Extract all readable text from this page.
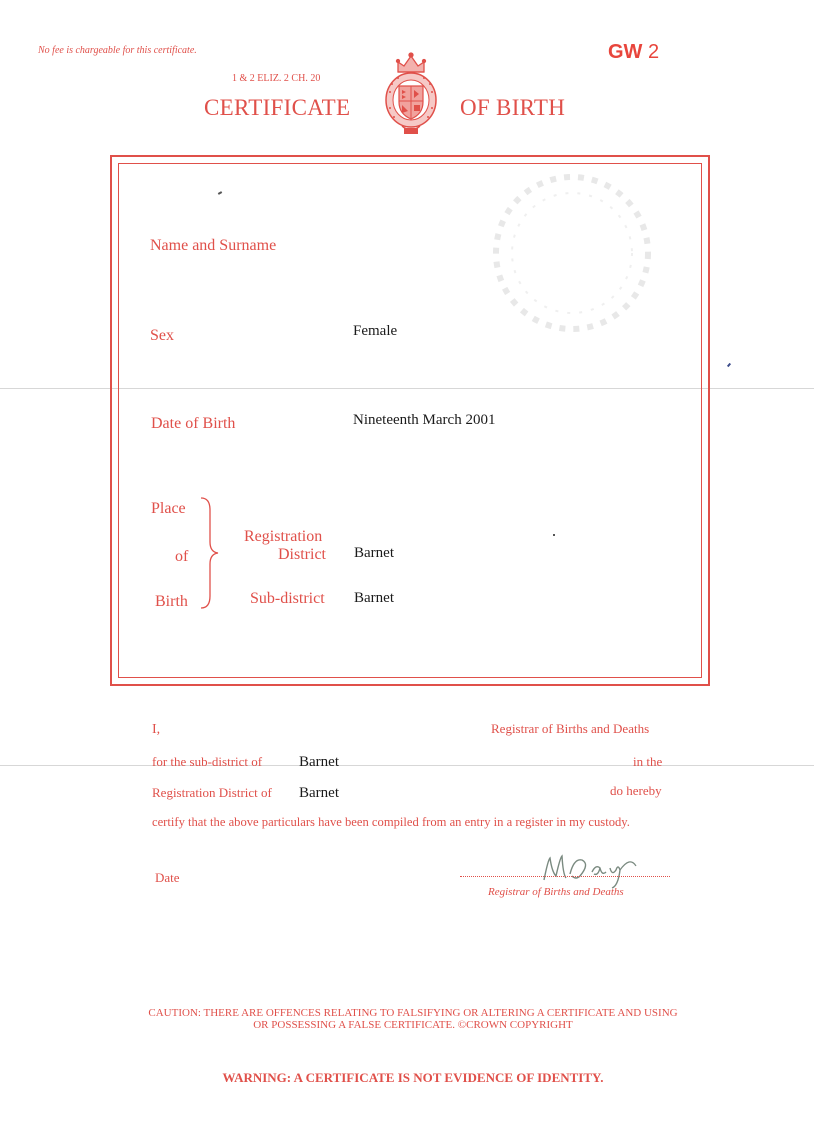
No fee is chargeable for this certificate.	GW 2
1 & 2 ELIZ. 2 CH. 20
CERTIFICATE	OF BIRTH
Name and Surname
Sex	Female
Date of Birth	Nineteenth March 2001
Place
of
Birth
Registration
District Barnet
Sub-district Barnet
I,	Registrar of Births and Deaths
for the sub-district of Barnet	in the
Registration District of Barnet	do hereby
certify that the above particulars have been compiled from an entry in a register in my custody.
Date
Registrar of Births and Deaths
CAUTION: THERE ARE OFFENCES RELATING TO FALSIFYING OR ALTERING A CERTIFICATE AND USING
OR POSSESSING A FALSE CERTIFICATE. ©CROWN COPYRIGHT
WARNING: A CERTIFICATE IS NOT EVIDENCE OF IDENTITY.
